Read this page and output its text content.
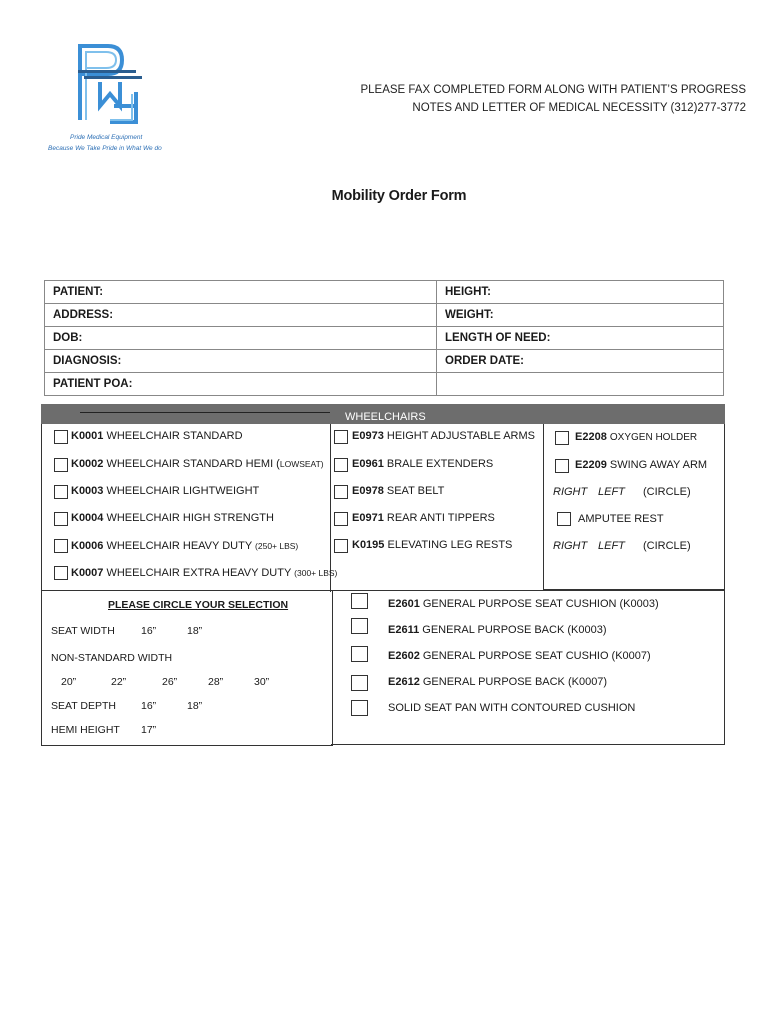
Pride Medical Equipment
Because We Take Pride in What We do
PLEASE FAX COMPLETED FORM ALONG WITH PATIENT’S PROGRESS
NOTES AND LETTER OF MEDICAL NECESSITY (312)277-3772
Mobility Order Form
PATIENT:	HEIGHT:
ADDRESS:	WEIGHT:
DOB:	LENGTH OF NEED:
DIAGNOSIS:	ORDER DATE:
PATIENT POA:	
WHEELCHAIRS
K0001 WHEELCHAIR STANDARD
K0002 WHEELCHAIR STANDARD HEMI (LOWSEAT)
K0003 WHEELCHAIR LIGHTWEIGHT
K0004 WHEELCHAIR HIGH STRENGTH
K0006 WHEELCHAIR HEAVY DUTY (250+ LBS)
K0007 WHEELCHAIR EXTRA HEAVY DUTY (300+ LBS)
E0973 HEIGHT ADJUSTABLE ARMS
E0961 BRALE EXTENDERS
E0978 SEAT BELT
E0971 REAR ANTI TIPPERS
K0195 ELEVATING LEG RESTS
E2208 OXYGEN HOLDER
E2209 SWING AWAY ARM
RIGHT LEFT (CIRCLE)
AMPUTEE REST
RIGHT LEFT (CIRCLE)
PLEASE CIRCLE YOUR SELECTION
SEAT WIDTH 16”	18”
NON-STANDARD WIDTH
20”	22”	26”	28”	30”
SEAT DEPTH 16”	18”
HEMI HEIGHT 17”
E2601 GENERAL PURPOSE SEAT CUSHION (K0003)
E2611 GENERAL PURPOSE BACK (K0003)
E2602 GENERAL PURPOSE SEAT CUSHIO (K0007)
E2612 GENERAL PURPOSE BACK (K0007)
SOLID SEAT PAN WITH CONTOURED CUSHION
